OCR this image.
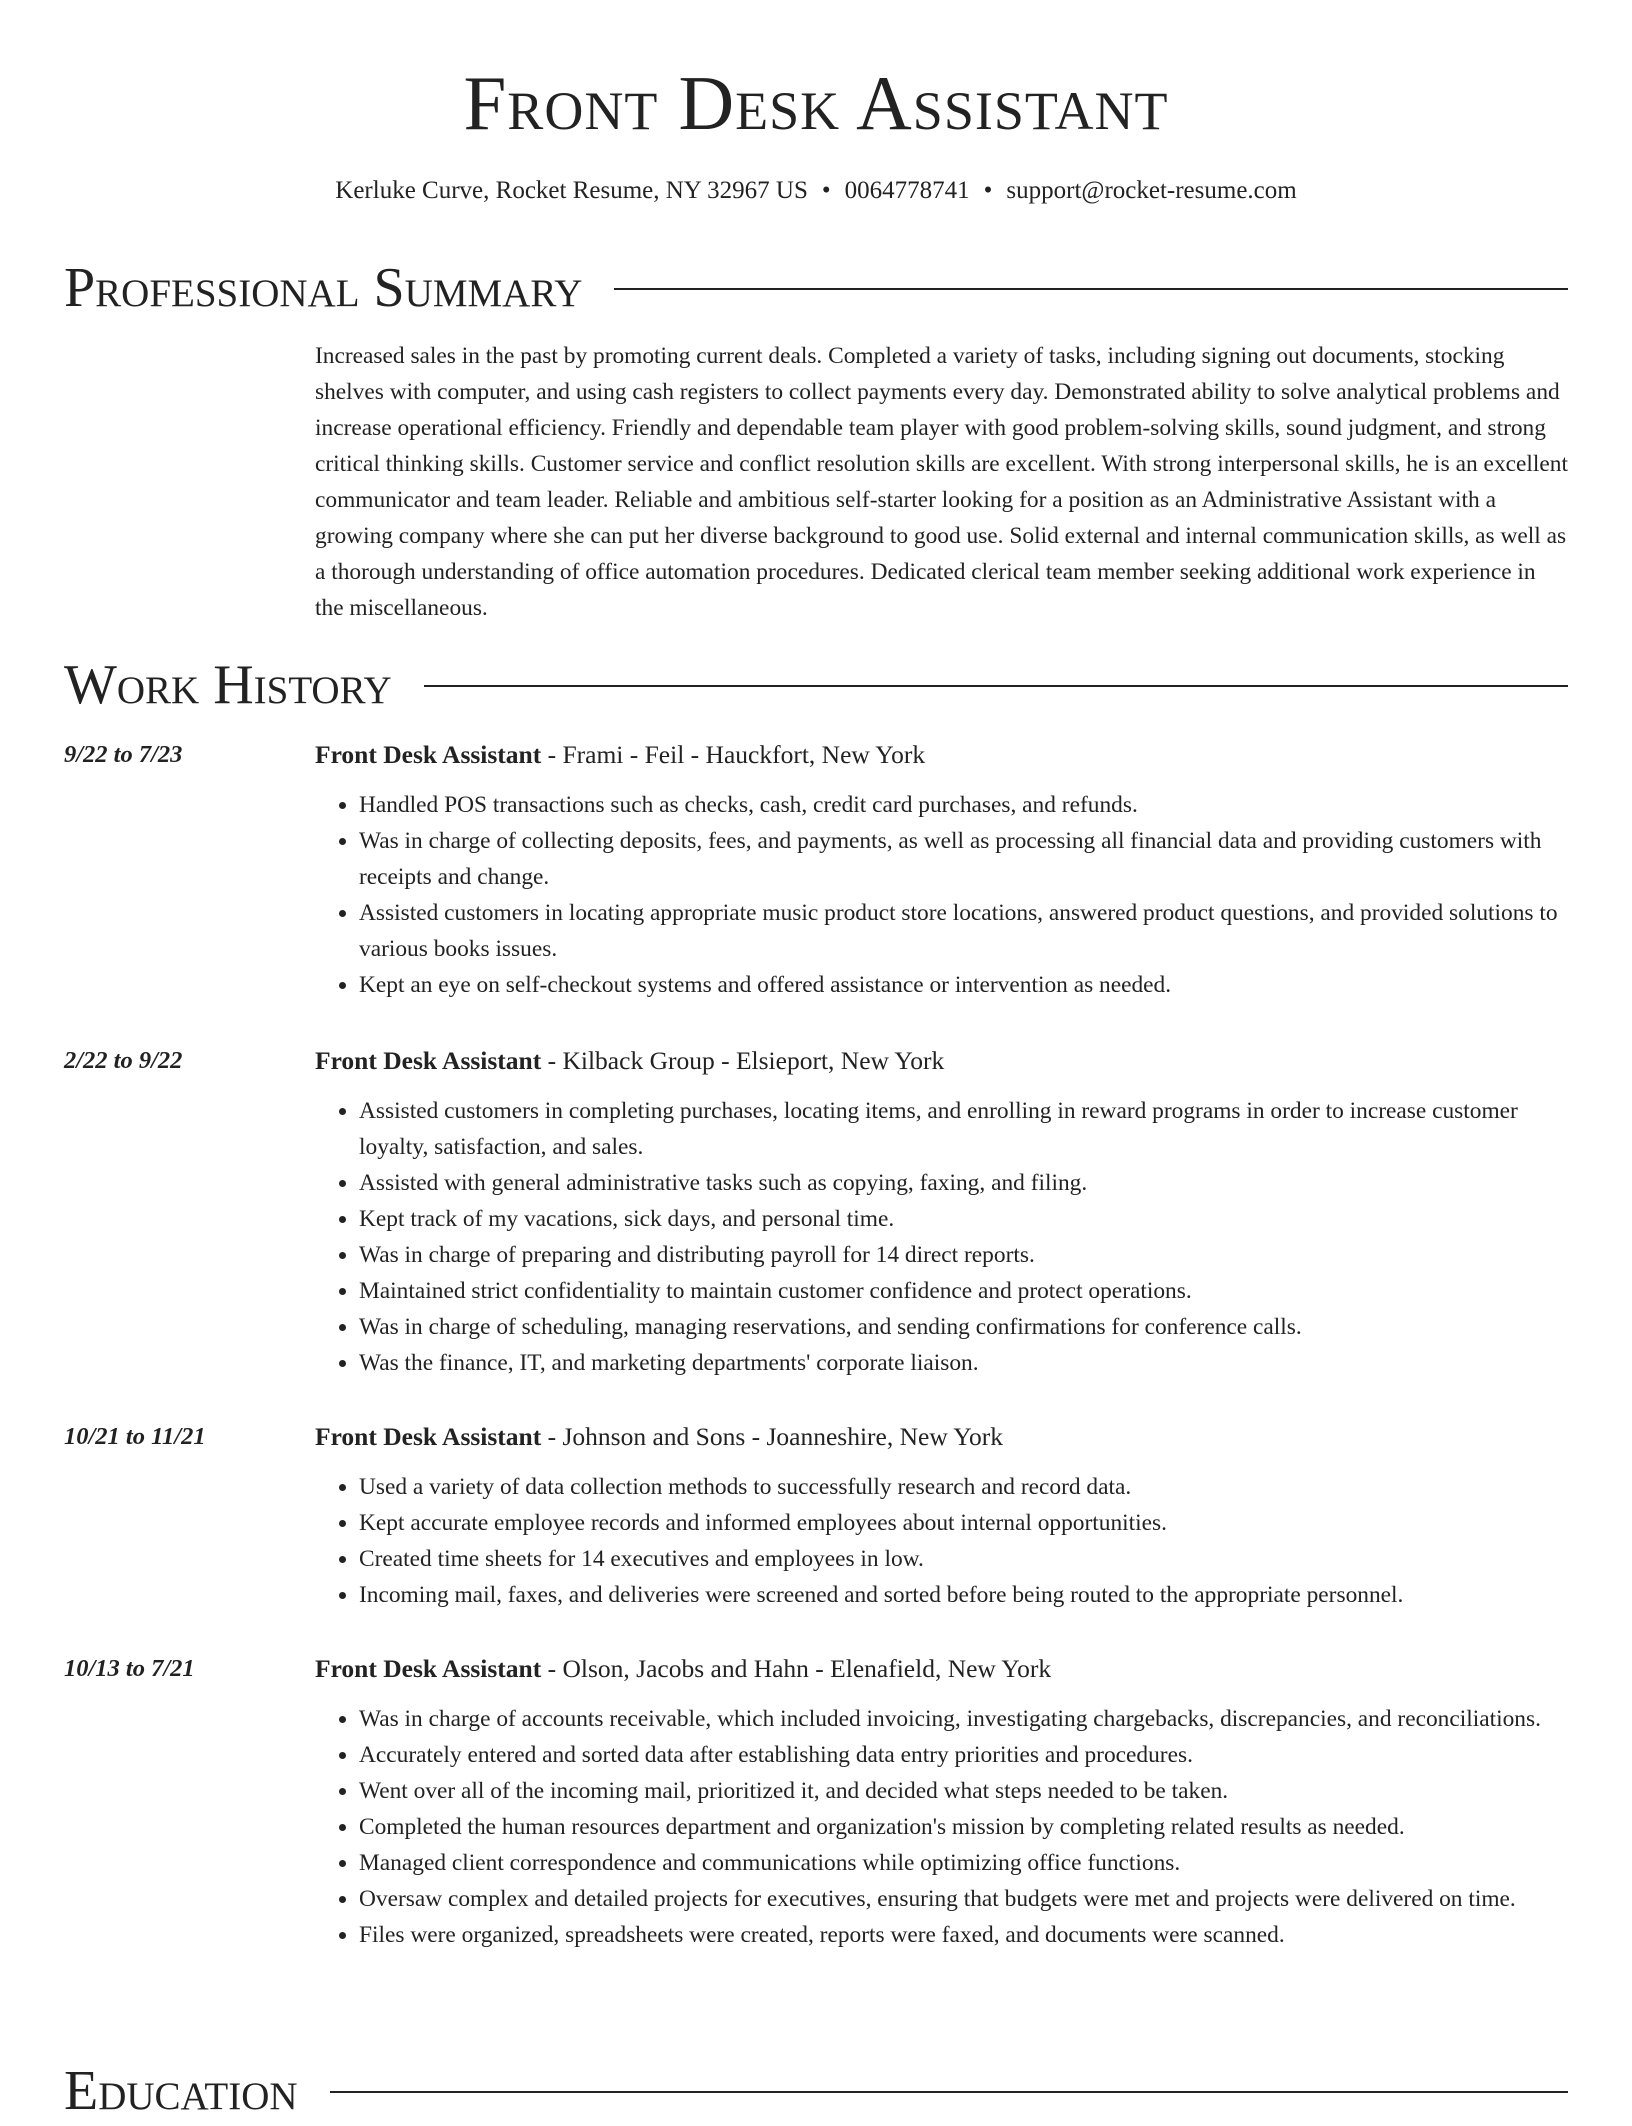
Front Desk Assistant
Kerluke Curve, Rocket Resume, NY 32967 US • 0064778741 • support@rocket-resume.com
Professional Summary

Increased sales in the past by promoting current deals. Completed a variety of tasks, including signing out documents, stocking shelves with computer, and using cash registers to collect payments every day. Demonstrated ability to solve analytical problems and increase operational efficiency. Friendly and dependable team player with good problem-solving skills, sound judgment, and strong critical thinking skills. Customer service and conflict resolution skills are excellent. With strong interpersonal skills, he is an excellent communicator and team leader. Reliable and ambitious self-starter looking for a position as an Administrative Assistant with a growing company where she can put her diverse background to good use. Solid external and internal communication skills, as well as a thorough understanding of office automation procedures. Dedicated clerical team member seeking additional work experience in the miscellaneous.

Work History
9/22 to 7/23	Front Desk Assistant - Frami - Feil - Hauckfort, New York
• Handled POS transactions such as checks, cash, credit card purchases, and refunds.
• Was in charge of collecting deposits, fees, and payments, as well as processing all financial data and providing customers with receipts and change.
• Assisted customers in locating appropriate music product store locations, answered product questions, and provided solutions to various books issues.
• Kept an eye on self-checkout systems and offered assistance or intervention as needed.
2/22 to 9/22	Front Desk Assistant - Kilback Group - Elsieport, New York
• Assisted customers in completing purchases, locating items, and enrolling in reward programs in order to increase customer loyalty, satisfaction, and sales.
• Assisted with general administrative tasks such as copying, faxing, and filing.
• Kept track of my vacations, sick days, and personal time.
• Was in charge of preparing and distributing payroll for 14 direct reports.
• Maintained strict confidentiality to maintain customer confidence and protect operations.
• Was in charge of scheduling, managing reservations, and sending confirmations for conference calls.
• Was the finance, IT, and marketing departments' corporate liaison.
10/21 to 11/21	Front Desk Assistant - Johnson and Sons - Joanneshire, New York
• Used a variety of data collection methods to successfully research and record data.
• Kept accurate employee records and informed employees about internal opportunities.
• Created time sheets for 14 executives and employees in low.
• Incoming mail, faxes, and deliveries were screened and sorted before being routed to the appropriate personnel.
10/13 to 7/21	Front Desk Assistant - Olson, Jacobs and Hahn - Elenafield, New York
• Was in charge of accounts receivable, which included invoicing, investigating chargebacks, discrepancies, and reconciliations.
• Accurately entered and sorted data after establishing data entry priorities and procedures.
• Went over all of the incoming mail, prioritized it, and decided what steps needed to be taken.
• Completed the human resources department and organization's mission by completing related results as needed.
• Managed client correspondence and communications while optimizing office functions.
• Oversaw complex and detailed projects for executives, ensuring that budgets were met and projects were delivered on time.
• Files were organized, spreadsheets were created, reports were faxed, and documents were scanned.
Education
